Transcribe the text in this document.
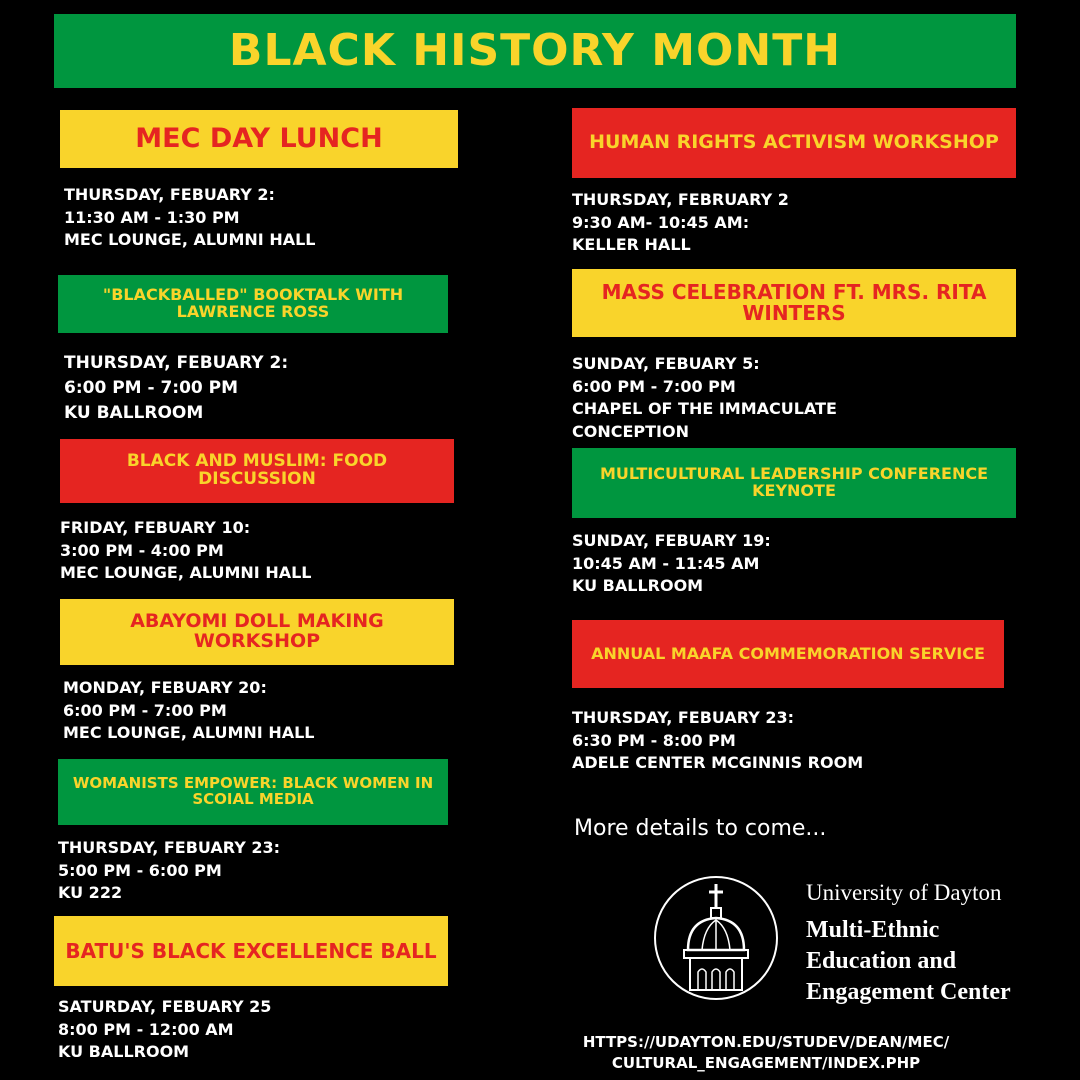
BLACK HISTORY MONTH
MEC DAY LUNCH
THURSDAY, FEBUARY 2:
11:30 AM - 1:30 PM
MEC LOUNGE, ALUMNI HALL
"BLACKBALLED" BOOKTALK WITH LAWRENCE ROSS
THURSDAY, FEBUARY 2:
6:00 PM - 7:00 PM
KU BALLROOM
BLACK AND MUSLIM: FOOD DISCUSSION
FRIDAY, FEBUARY 10:
3:00 PM - 4:00 PM
MEC LOUNGE, ALUMNI HALL
ABAYOMI DOLL MAKING WORKSHOP
MONDAY, FEBUARY 20:
6:00 PM - 7:00 PM
MEC LOUNGE, ALUMNI HALL
WOMANISTS EMPOWER: BLACK WOMEN IN SCOIAL MEDIA
THURSDAY, FEBUARY 23:
5:00 PM - 6:00 PM
KU 222
BATU'S BLACK EXCELLENCE BALL
SATURDAY, FEBUARY 25
8:00 PM - 12:00 AM
KU BALLROOM
HUMAN RIGHTS ACTIVISM WORKSHOP
THURSDAY, FEBRUARY 2
9:30 AM- 10:45 AM:
KELLER HALL
MASS CELEBRATION FT. MRS. RITA WINTERS
SUNDAY, FEBUARY 5:
6:00 PM - 7:00 PM
CHAPEL OF THE IMMACULATE
CONCEPTION
MULTICULTURAL LEADERSHIP CONFERENCE KEYNOTE
SUNDAY, FEBUARY 19:
10:45 AM - 11:45 AM
KU BALLROOM
ANNUAL MAAFA COMMEMORATION SERVICE
THURSDAY, FEBUARY 23:
6:30 PM - 8:00 PM
ADELE CENTER MCGINNIS ROOM
More details to come...
University of Dayton
Multi-Ethnic
Education and
Engagement Center
HTTPS://UDAYTON.EDU/STUDEV/DEAN/MEC/
CULTURAL_ENGAGEMENT/INDEX.PHP
